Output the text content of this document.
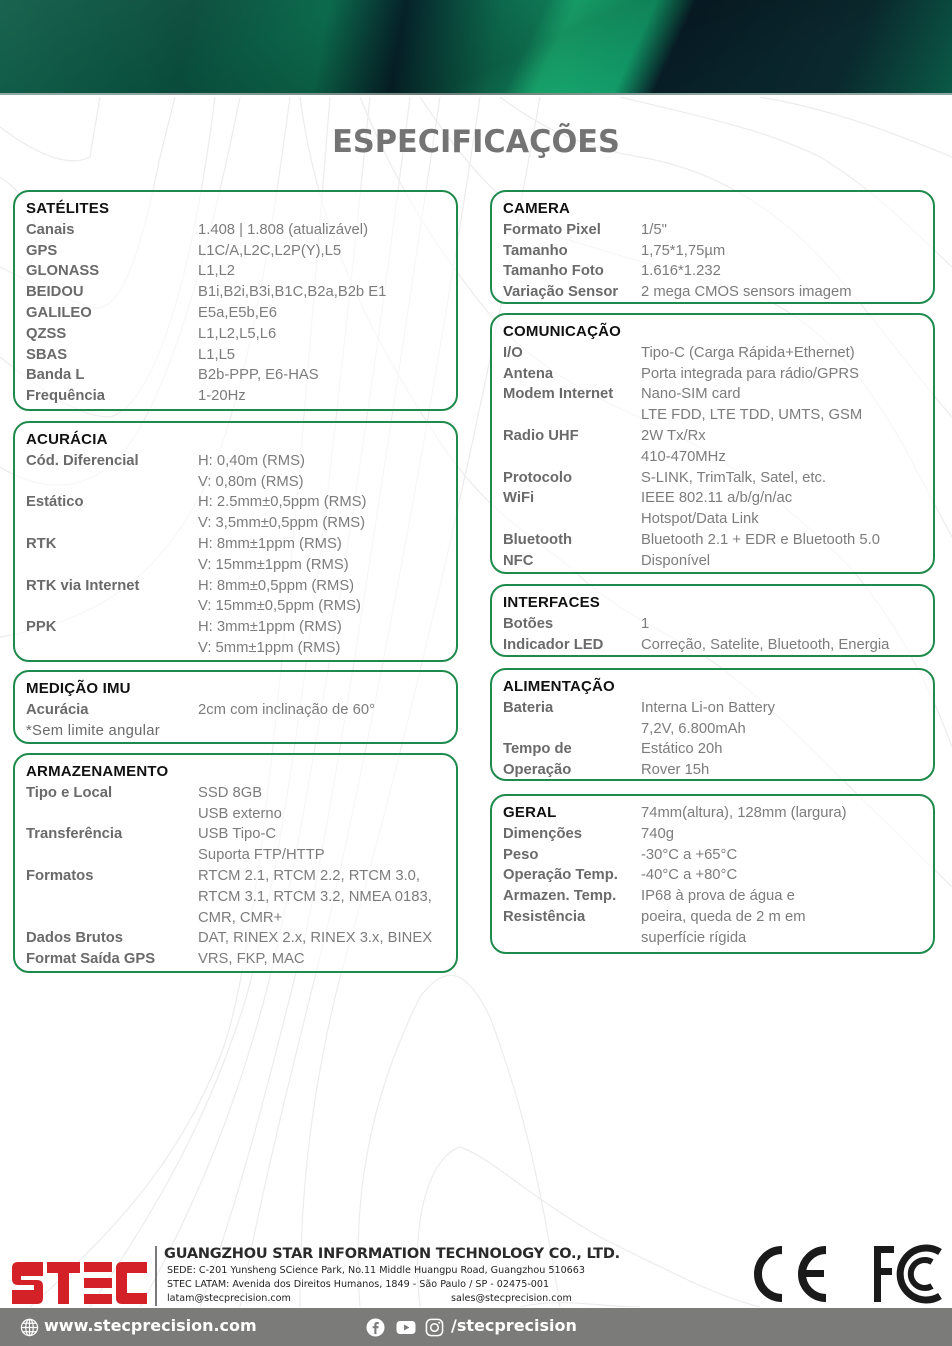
ESPECIFICAÇÕES
SATÉLITES
Canais	1.408 | 1.808 (atualizável)
GPS	L1C/A,L2C,L2P(Y),L5
GLONASS	L1,L2
BEIDOU	B1i,B2i,B3i,B1C,B2a,B2b E1
GALILEO	E5a,E5b,E6
QZSS	L1,L2,L5,L6
SBAS	L1,L5
Banda L	B2b-PPP, E6-HAS
Frequência	1-20Hz
ACURÁCIA
Cód. Diferencial	H: 0,40m (RMS)
V: 0,80m (RMS)
Estático	H: 2.5mm±0,5ppm (RMS)
V: 3,5mm±0,5ppm (RMS)
RTK	H: 8mm±1ppm (RMS)
V: 15mm±1ppm (RMS)
RTK via Internet	H: 8mm±0,5ppm (RMS)
V: 15mm±0,5ppm (RMS)
PPK	H: 3mm±1ppm (RMS)
V: 5mm±1ppm (RMS)
MEDIÇÃO IMU
Acurácia	2cm com inclinação de 60°
*Sem limite angular
ARMAZENAMENTO
Tipo e Local	SSD 8GB
USB externo
Transferência	USB Tipo-C
Suporta FTP/HTTP
Formatos	RTCM 2.1, RTCM 2.2, RTCM 3.0,
RTCM 3.1, RTCM 3.2, NMEA 0183,
CMR, CMR+
Dados Brutos	DAT, RINEX 2.x, RINEX 3.x, BINEX
Format Saída GPS	VRS, FKP, MAC
CAMERA
Formato Pixel	1/5"
Tamanho	1,75*1,75µm
Tamanho Foto	1.616*1.232
Variação Sensor	2 mega CMOS sensors imagem
COMUNICAÇÃO
I/O	Tipo-C (Carga Rápida+Ethernet)
Antena	Porta integrada para rádio/GPRS
Modem Internet	Nano-SIM card
LTE FDD, LTE TDD, UMTS, GSM
Radio UHF	2W Tx/Rx
410-470MHz
Protocolo	S-LINK, TrimTalk, Satel, etc.
WiFi	IEEE 802.11 a/b/g/n/ac
Hotspot/Data Link
Bluetooth	Bluetooth 2.1 + EDR e Bluetooth 5.0
NFC	Disponível
INTERFACES
Botões	1
Indicador LED	Correção, Satelite, Bluetooth, Energia
ALIMENTAÇÃO
Bateria	Interna Li-on Battery
7,2V, 6.800mAh
Tempo de	Estático 20h
Operação	Rover 15h
GERAL	74mm(altura), 128mm (largura)
Dimenções	740g
Peso	-30°C a +65°C
Operação Temp.	-40°C a +80°C
Armazen. Temp.	IP68 à prova de água e
Resistência	poeira, queda de 2 m em
superfície rígida
GUANGZHOU STAR INFORMATION TECHNOLOGY CO., LTD.
SEDE: C-201 Yunsheng SCience Park, No.11 Middle Huangpu Road, Guangzhou 510663
STEC LATAM: Avenida dos Direitos Humanos, 1849 - São Paulo / SP - 02475-001
latam@stecprecision.com	sales@stecprecision.com
www.stecprecision.com	/stecprecision
